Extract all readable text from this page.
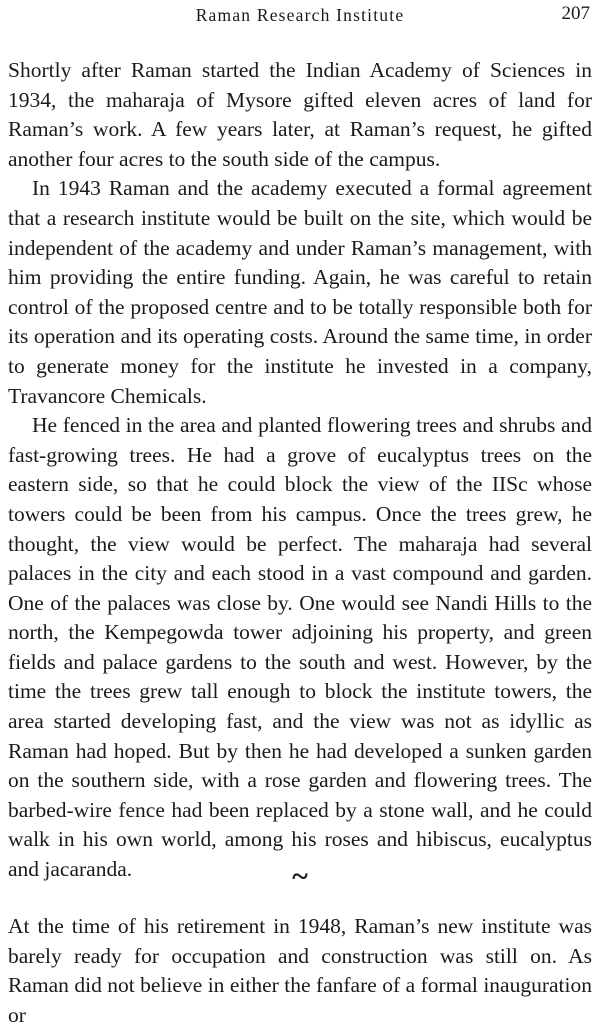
Raman Research Institute	207

Shortly after Raman started the Indian Academy of Sciences in 1934, the maharaja of Mysore gifted eleven acres of land for Raman’s work. A few years later, at Raman’s request, he gifted another four acres to the south side of the campus.

In 1943 Raman and the academy executed a formal agreement that a research institute would be built on the site, which would be independent of the academy and under Raman’s management, with him providing the entire funding. Again, he was careful to retain control of the proposed centre and to be totally responsible both for its operation and its operating costs. Around the same time, in order to generate money for the institute he invested in a company, Travancore Chemicals.

He fenced in the area and planted flowering trees and shrubs and fast-growing trees. He had a grove of eucalyptus trees on the eastern side, so that he could block the view of the IISc whose towers could be been from his campus. Once the trees grew, he thought, the view would be perfect. The maharaja had several palaces in the city and each stood in a vast compound and garden. One of the palaces was close by. One would see Nandi Hills to the north, the Kempegowda tower adjoining his property, and green fields and palace gardens to the south and west. However, by the time the trees grew tall enough to block the institute towers, the area started developing fast, and the view was not as idyllic as Raman had hoped. But by then he had developed a sunken garden on the southern side, with a rose garden and flowering trees. The barbed-wire fence had been replaced by a stone wall, and he could walk in his own world, among his roses and hibiscus, eucalyptus and jacaranda.	~

At the time of his retirement in 1948, Raman’s new institute was barely ready for occupation and construction was still on. As Raman did not believe in either the fanfare of a formal inauguration or
